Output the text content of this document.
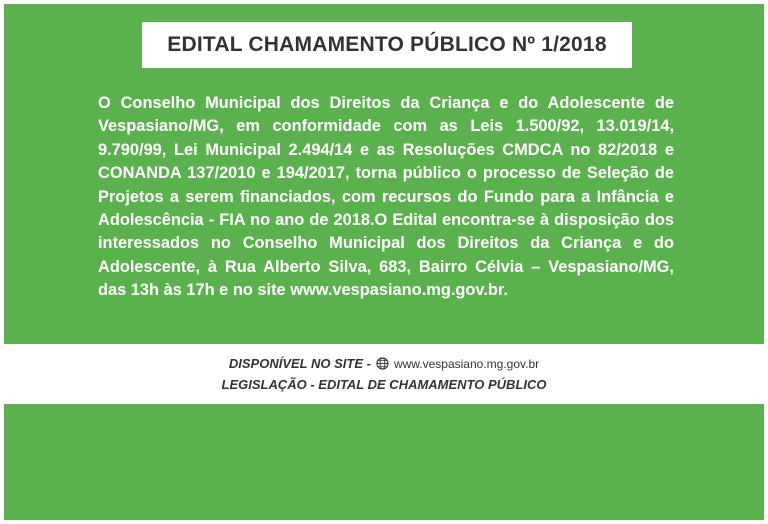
EDITAL CHAMAMENTO PÚBLICO Nº 1/2018
O Conselho Municipal dos Direitos da Criança e do Adolescente de Vespasiano/MG, em conformidade com as Leis 1.500/92, 13.019/14, 9.790/99, Lei Municipal 2.494/14 e as Resoluções CMDCA no 82/2018 e CONANDA 137/2010 e 194/2017, torna público o processo de Seleção de Projetos a serem financiados, com recursos do Fundo para a Infância e Adolescência - FIA no ano de 2018.O Edital encontra-se à disposição dos interessados no Conselho Municipal dos Direitos da Criança e do Adolescente, à Rua Alberto Silva, 683, Bairro Célvia – Vespasiano/MG, das 13h às 17h e no site www.vespasiano.mg.gov.br.
DISPONÍVEL NO SITE - www.vespasiano.mg.gov.br
LEGISLAÇÃO - EDITAL DE CHAMAMENTO PÚBLICO
